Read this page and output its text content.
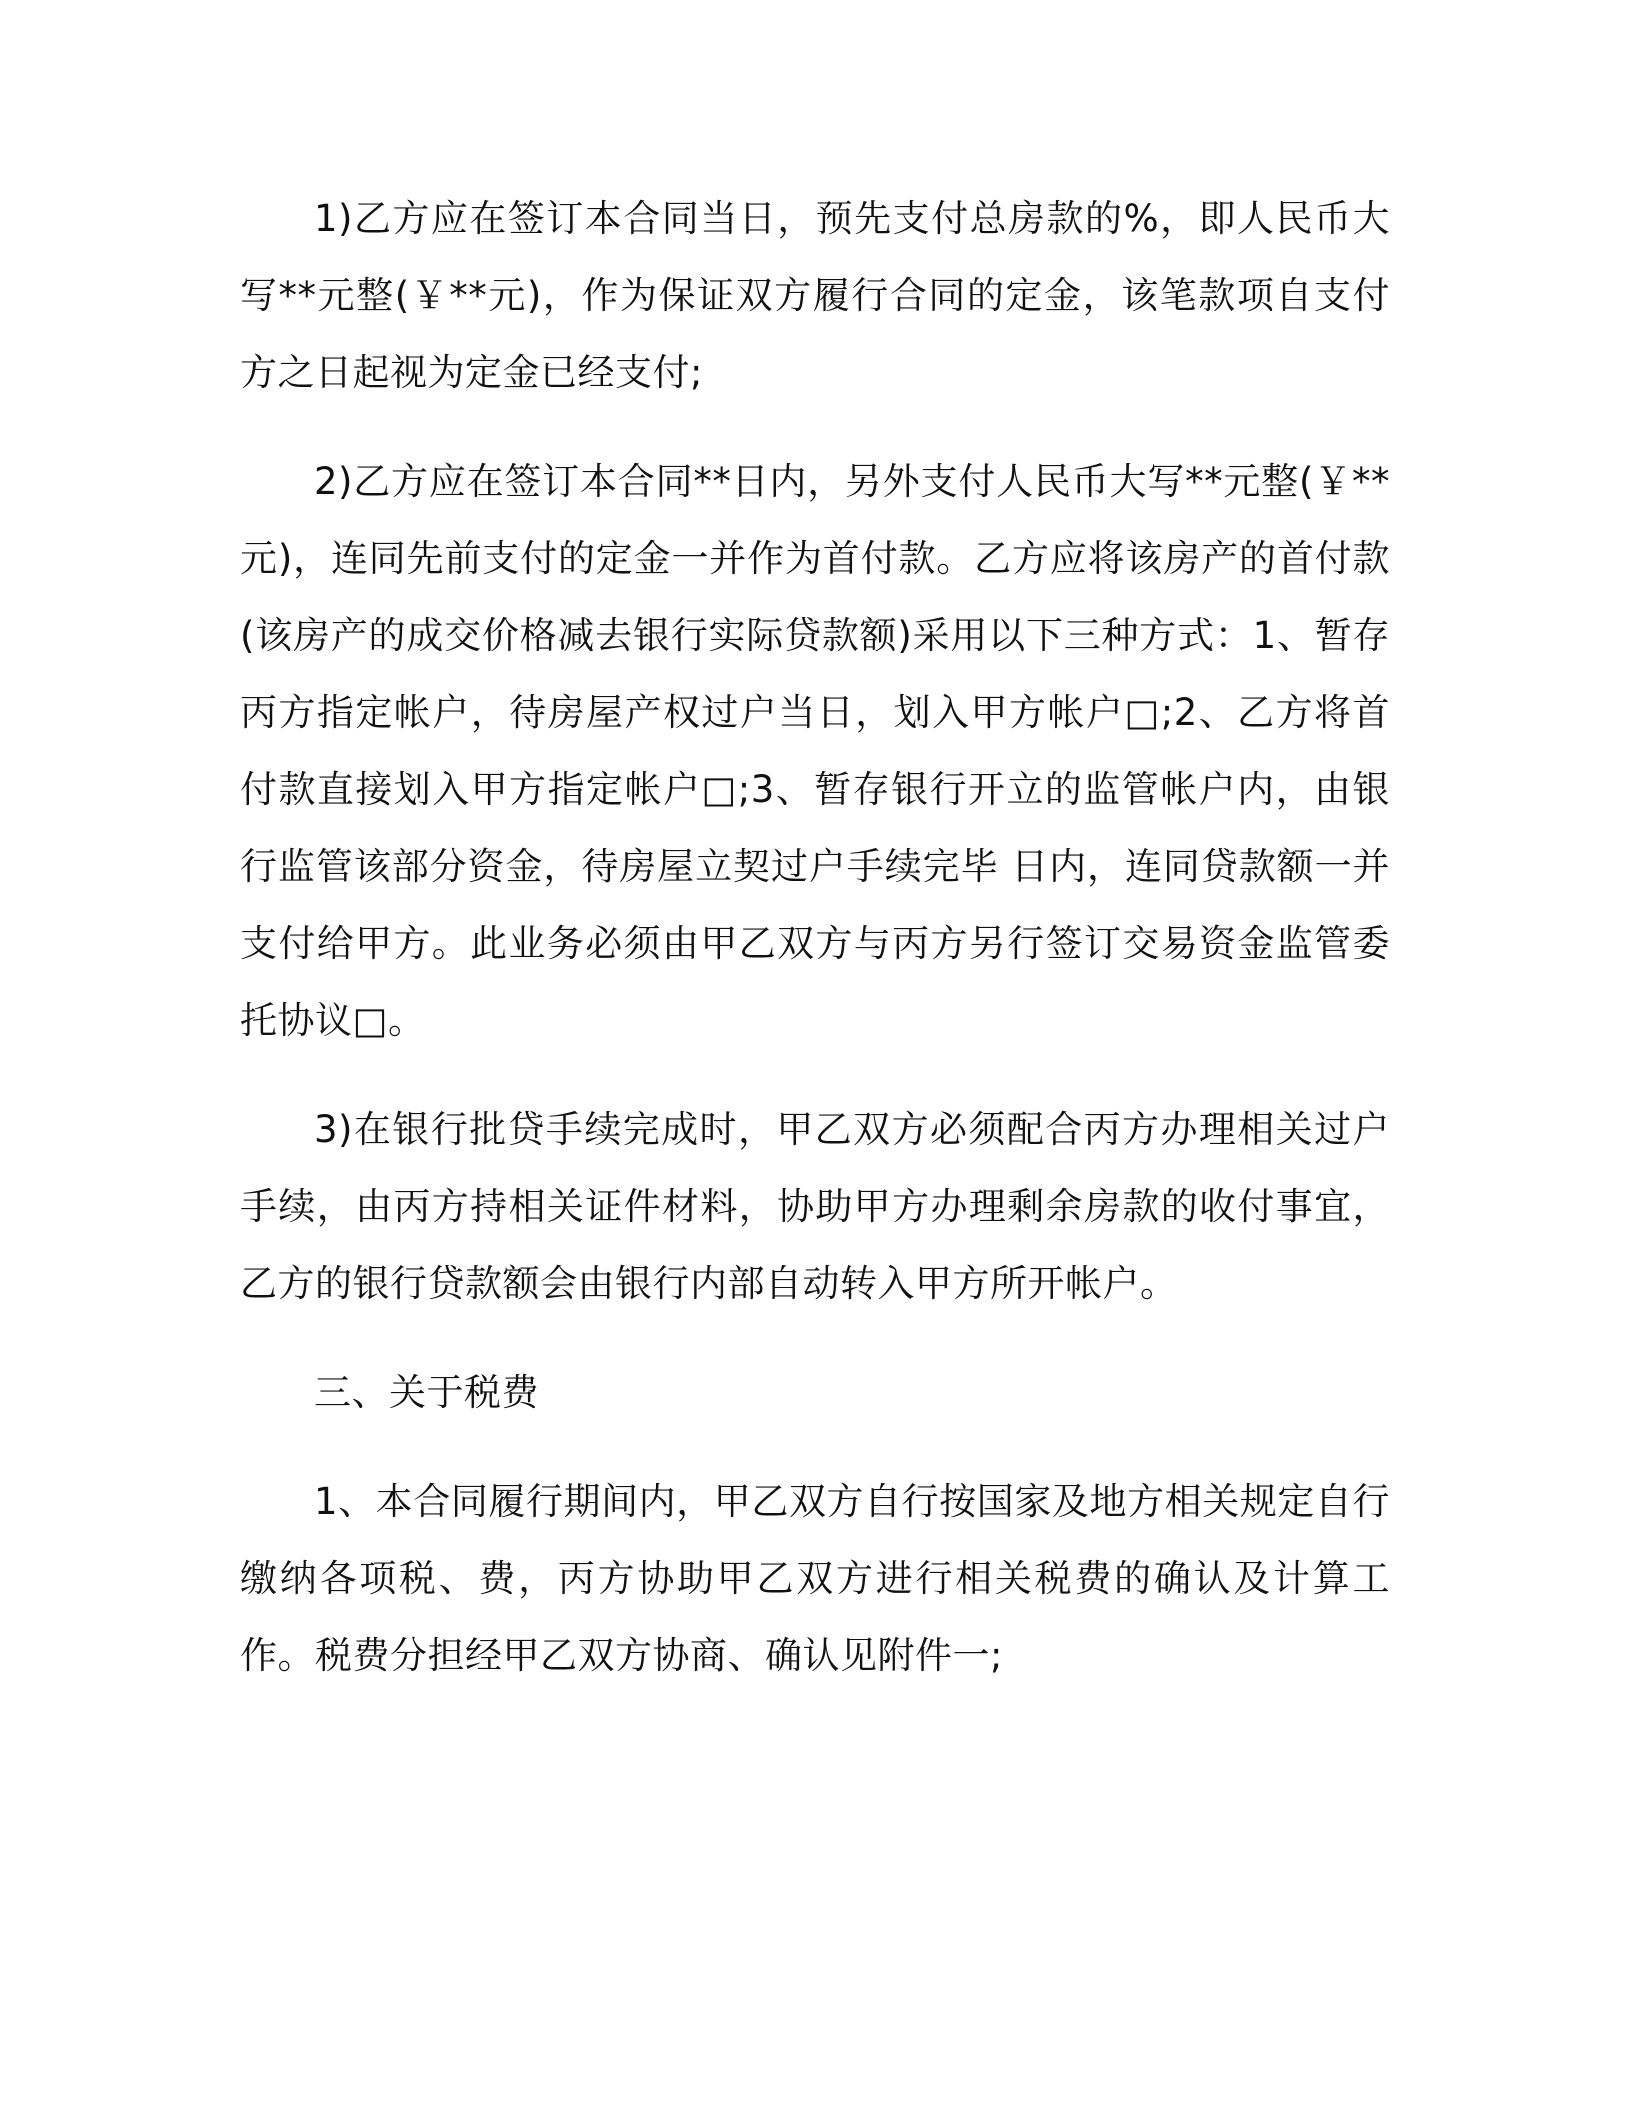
1)乙方应在签订本合同当日，预先支付总房款的%，即人民币大写**元整(￥**元)，作为保证双方履行合同的定金，该笔款项自支付方之日起视为定金已经支付;

2)乙方应在签订本合同**日内，另外支付人民币大写**元整(￥**元)，连同先前支付的定金一并作为首付款。乙方应将该房产的首付款(该房产的成交价格减去银行实际贷款额)采用以下三种方式：1、暂存丙方指定帐户，待房屋产权过户当日，划入甲方帐户□;2、乙方将首付款直接划入甲方指定帐户□;3、暂存银行开立的监管帐户内，由银行监管该部分资金，待房屋立契过户手续完毕 日内，连同贷款额一并支付给甲方。此业务必须由甲乙双方与丙方另行签订交易资金监管委托协议□。

3)在银行批贷手续完成时，甲乙双方必须配合丙方办理相关过户手续，由丙方持相关证件材料，协助甲方办理剩余房款的收付事宜，乙方的银行贷款额会由银行内部自动转入甲方所开帐户。

三、关于税费

1、本合同履行期间内，甲乙双方自行按国家及地方相关规定自行缴纳各项税、费，丙方协助甲乙双方进行相关税费的确认及计算工作。税费分担经甲乙双方协商、确认见附件一;
